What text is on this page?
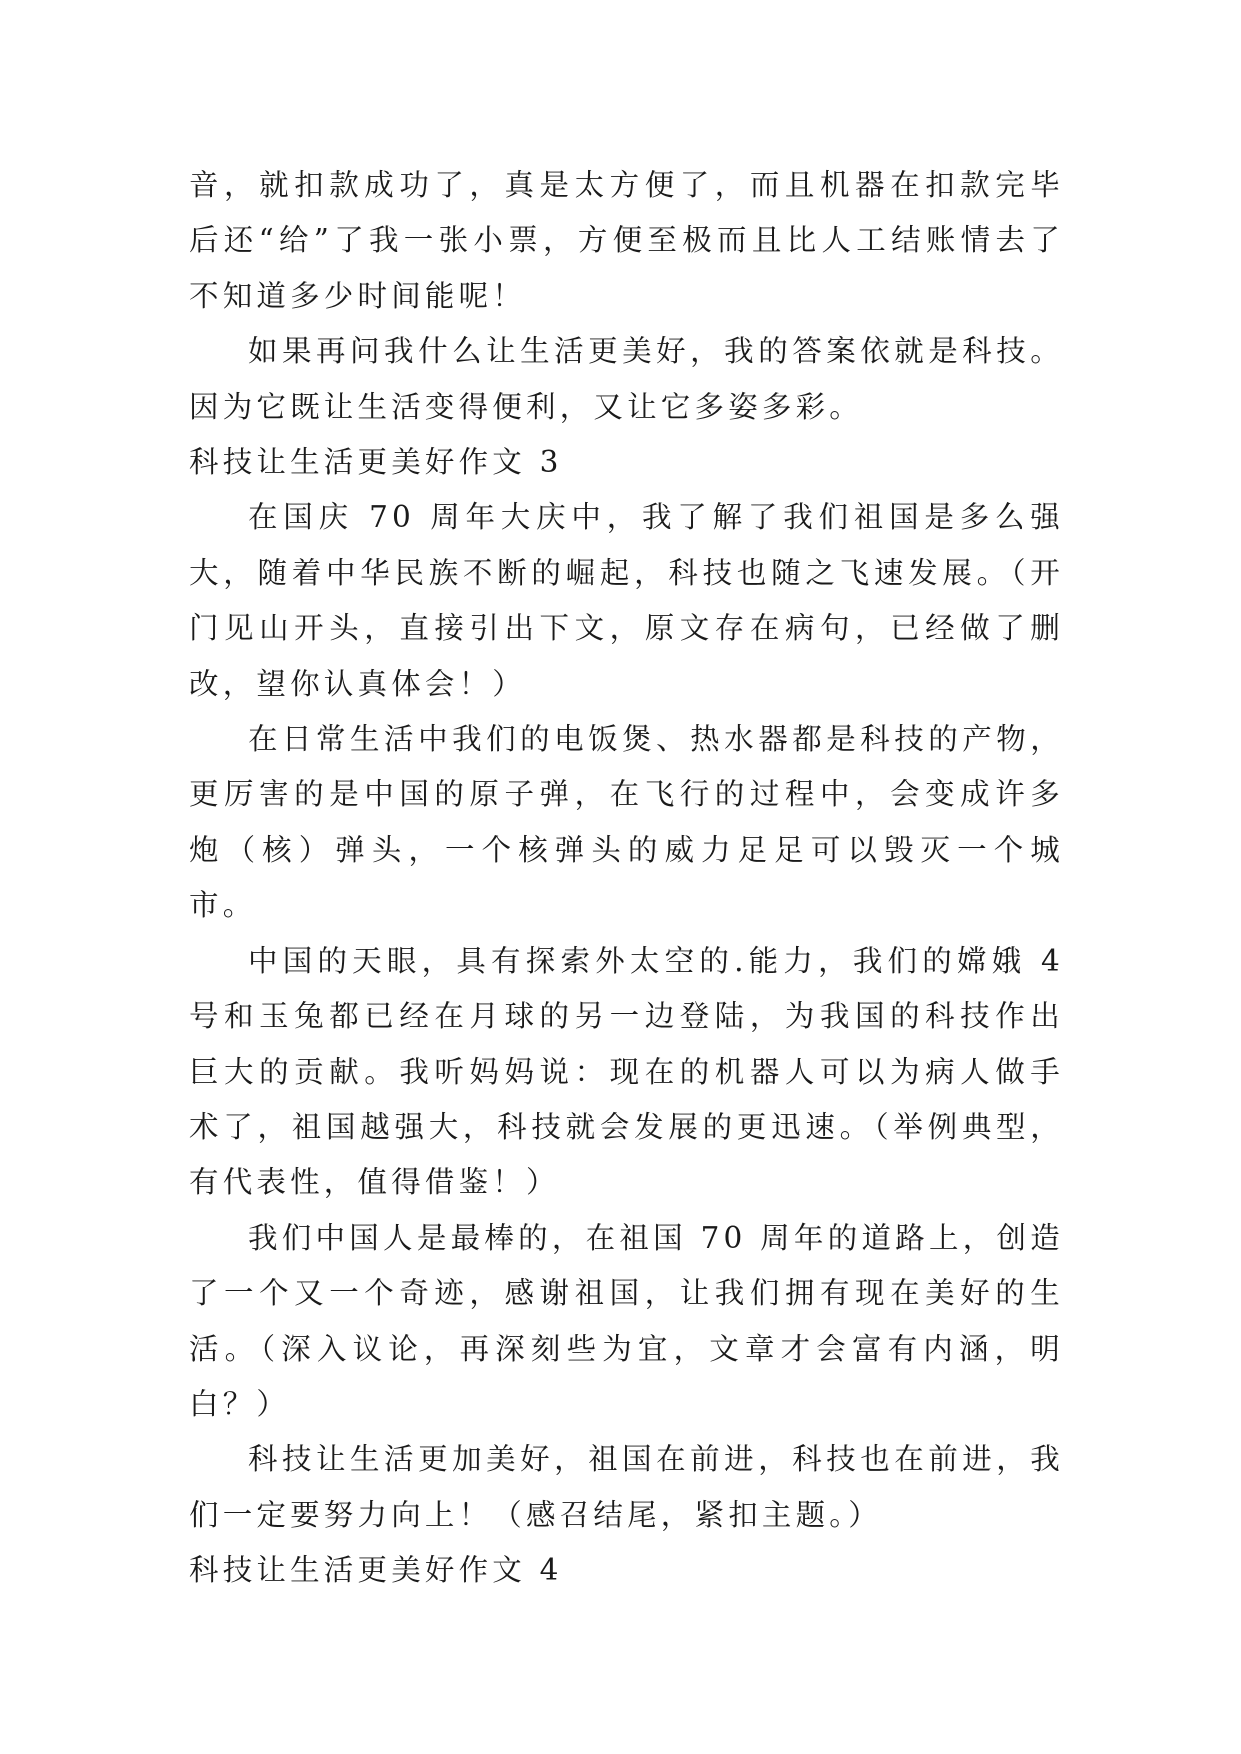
音，就扣款成功了，真是太方便了，而且机器在扣款完毕后还“给”了我一张小票，方便至极而且比人工结账情去了不知道多少时间能呢！

如果再问我什么让生活更美好，我的答案依就是科技。因为它既让生活变得便利，又让它多姿多彩。

科技让生活更美好作文 3

在国庆 70 周年大庆中，我了解了我们祖国是多么强大，随着中华民族不断的崛起，科技也随之飞速发展。（开门见山开头，直接引出下文，原文存在病句，已经做了删改，望你认真体会！）

在日常生活中我们的电饭煲、热水器都是科技的产物，更厉害的是中国的原子弹，在飞行的过程中，会变成许多炮（核）弹头，一个核弹头的威力足足可以毁灭一个城市。

中国的天眼，具有探索外太空的.能力，我们的嫦娥 4 号和玉兔都已经在月球的另一边登陆，为我国的科技作出巨大的贡献。我听妈妈说：现在的机器人可以为病人做手术了，祖国越强大，科技就会发展的更迅速。（举例典型，有代表性，值得借鉴！）

我们中国人是最棒的，在祖国 70 周年的道路上，创造了一个又一个奇迹，感谢祖国，让我们拥有现在美好的生活。（深入议论，再深刻些为宜，文章才会富有内涵，明白？）

科技让生活更加美好，祖国在前进，科技也在前进，我们一定要努力向上！（感召结尾，紧扣主题。）

科技让生活更美好作文 4
